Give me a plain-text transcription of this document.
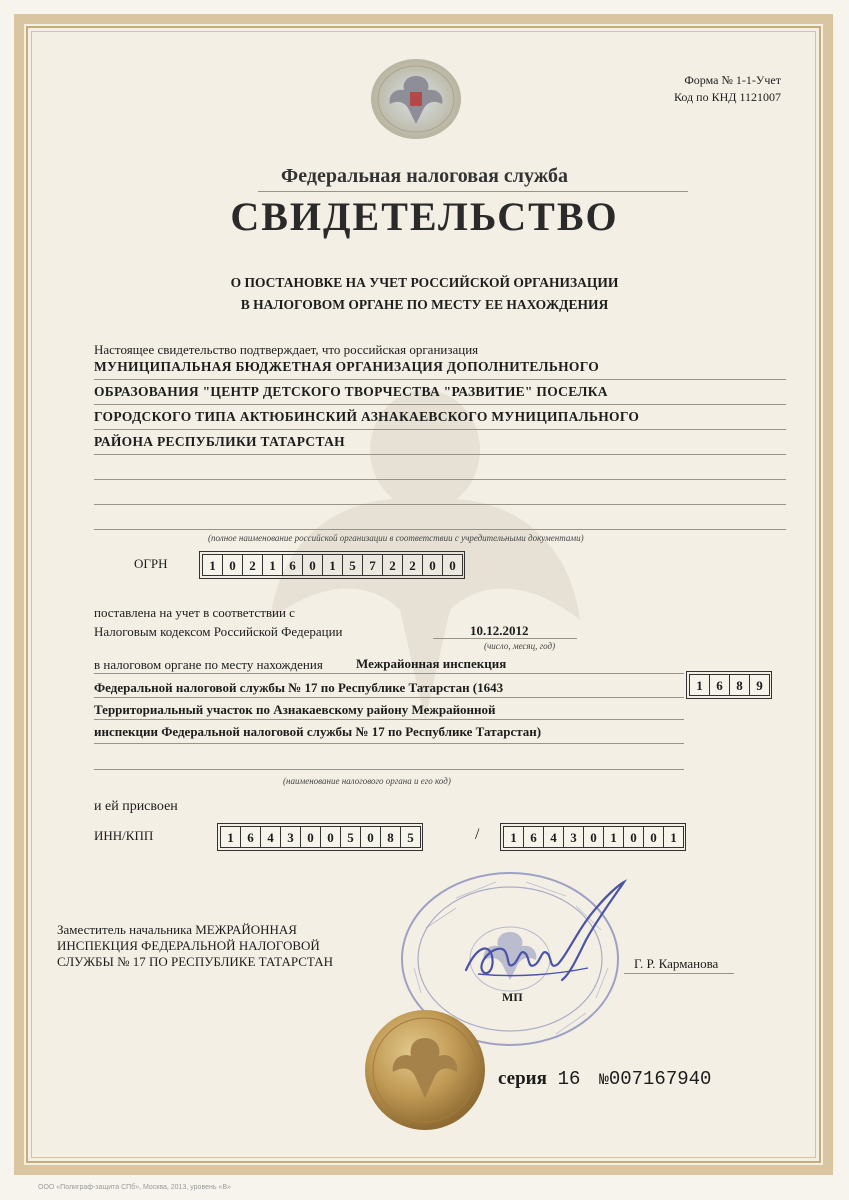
Форма № 1-1-Учет
Код по КНД 1121007
Федеральная налоговая служба
СВИДЕТЕЛЬСТВО
О ПОСТАНОВКЕ НА УЧЕТ РОССИЙСКОЙ ОРГАНИЗАЦИИ
В НАЛОГОВОМ ОРГАНЕ ПО МЕСТУ ЕЕ НАХОЖДЕНИЯ
Настоящее свидетельство подтверждает, что российская организация
МУНИЦИПАЛЬНАЯ БЮДЖЕТНАЯ ОРГАНИЗАЦИЯ ДОПОЛНИТЕЛЬНОГО
ОБРАЗОВАНИЯ "ЦЕНТР ДЕТСКОГО ТВОРЧЕСТВА "РАЗВИТИЕ" ПОСЕЛКА
ГОРОДСКОГО ТИПА АКТЮБИНСКИЙ АЗНАКАЕВСКОГО МУНИЦИПАЛЬНОГО
РАЙОНА РЕСПУБЛИКИ ТАТАРСТАН
(полное наименование российской организации в соответствии с учредительными документами)
ОГРН	1	0	2	1	6	0	1	5	7	2	2	0	0
поставлена на учет в соответствии с
Налоговым кодексом Российской Федерации	10.12.2012
(число, месяц, год)
в налоговом органе по месту нахождения	Межрайонная инспекция
Федеральной налоговой службы № 17 по Республике Татарстан (1643
Территориальный участок по Азнакаевскому району Межрайонной
инспекции Федеральной налоговой службы № 17 по Республике Татарстан)
(наименование налогового органа и его код)
1	6	8	9
и ей присвоен
ИНН/КПП	1	6	4	3	0	0	5	0	8	5	/	1	6	4	3	0	1	0	0	1
Заместитель начальника МЕЖРАЙОННАЯ
ИНСПЕКЦИЯ ФЕДЕРАЛЬНОЙ НАЛОГОВОЙ
СЛУЖБЫ № 17 ПО РЕСПУБЛИКЕ ТАТАРСТАН
МП
Г. Р. Карманова
серия 16 №007167940
ООО «Полиграф-защита СПб», Москва, 2013, уровень «В»
